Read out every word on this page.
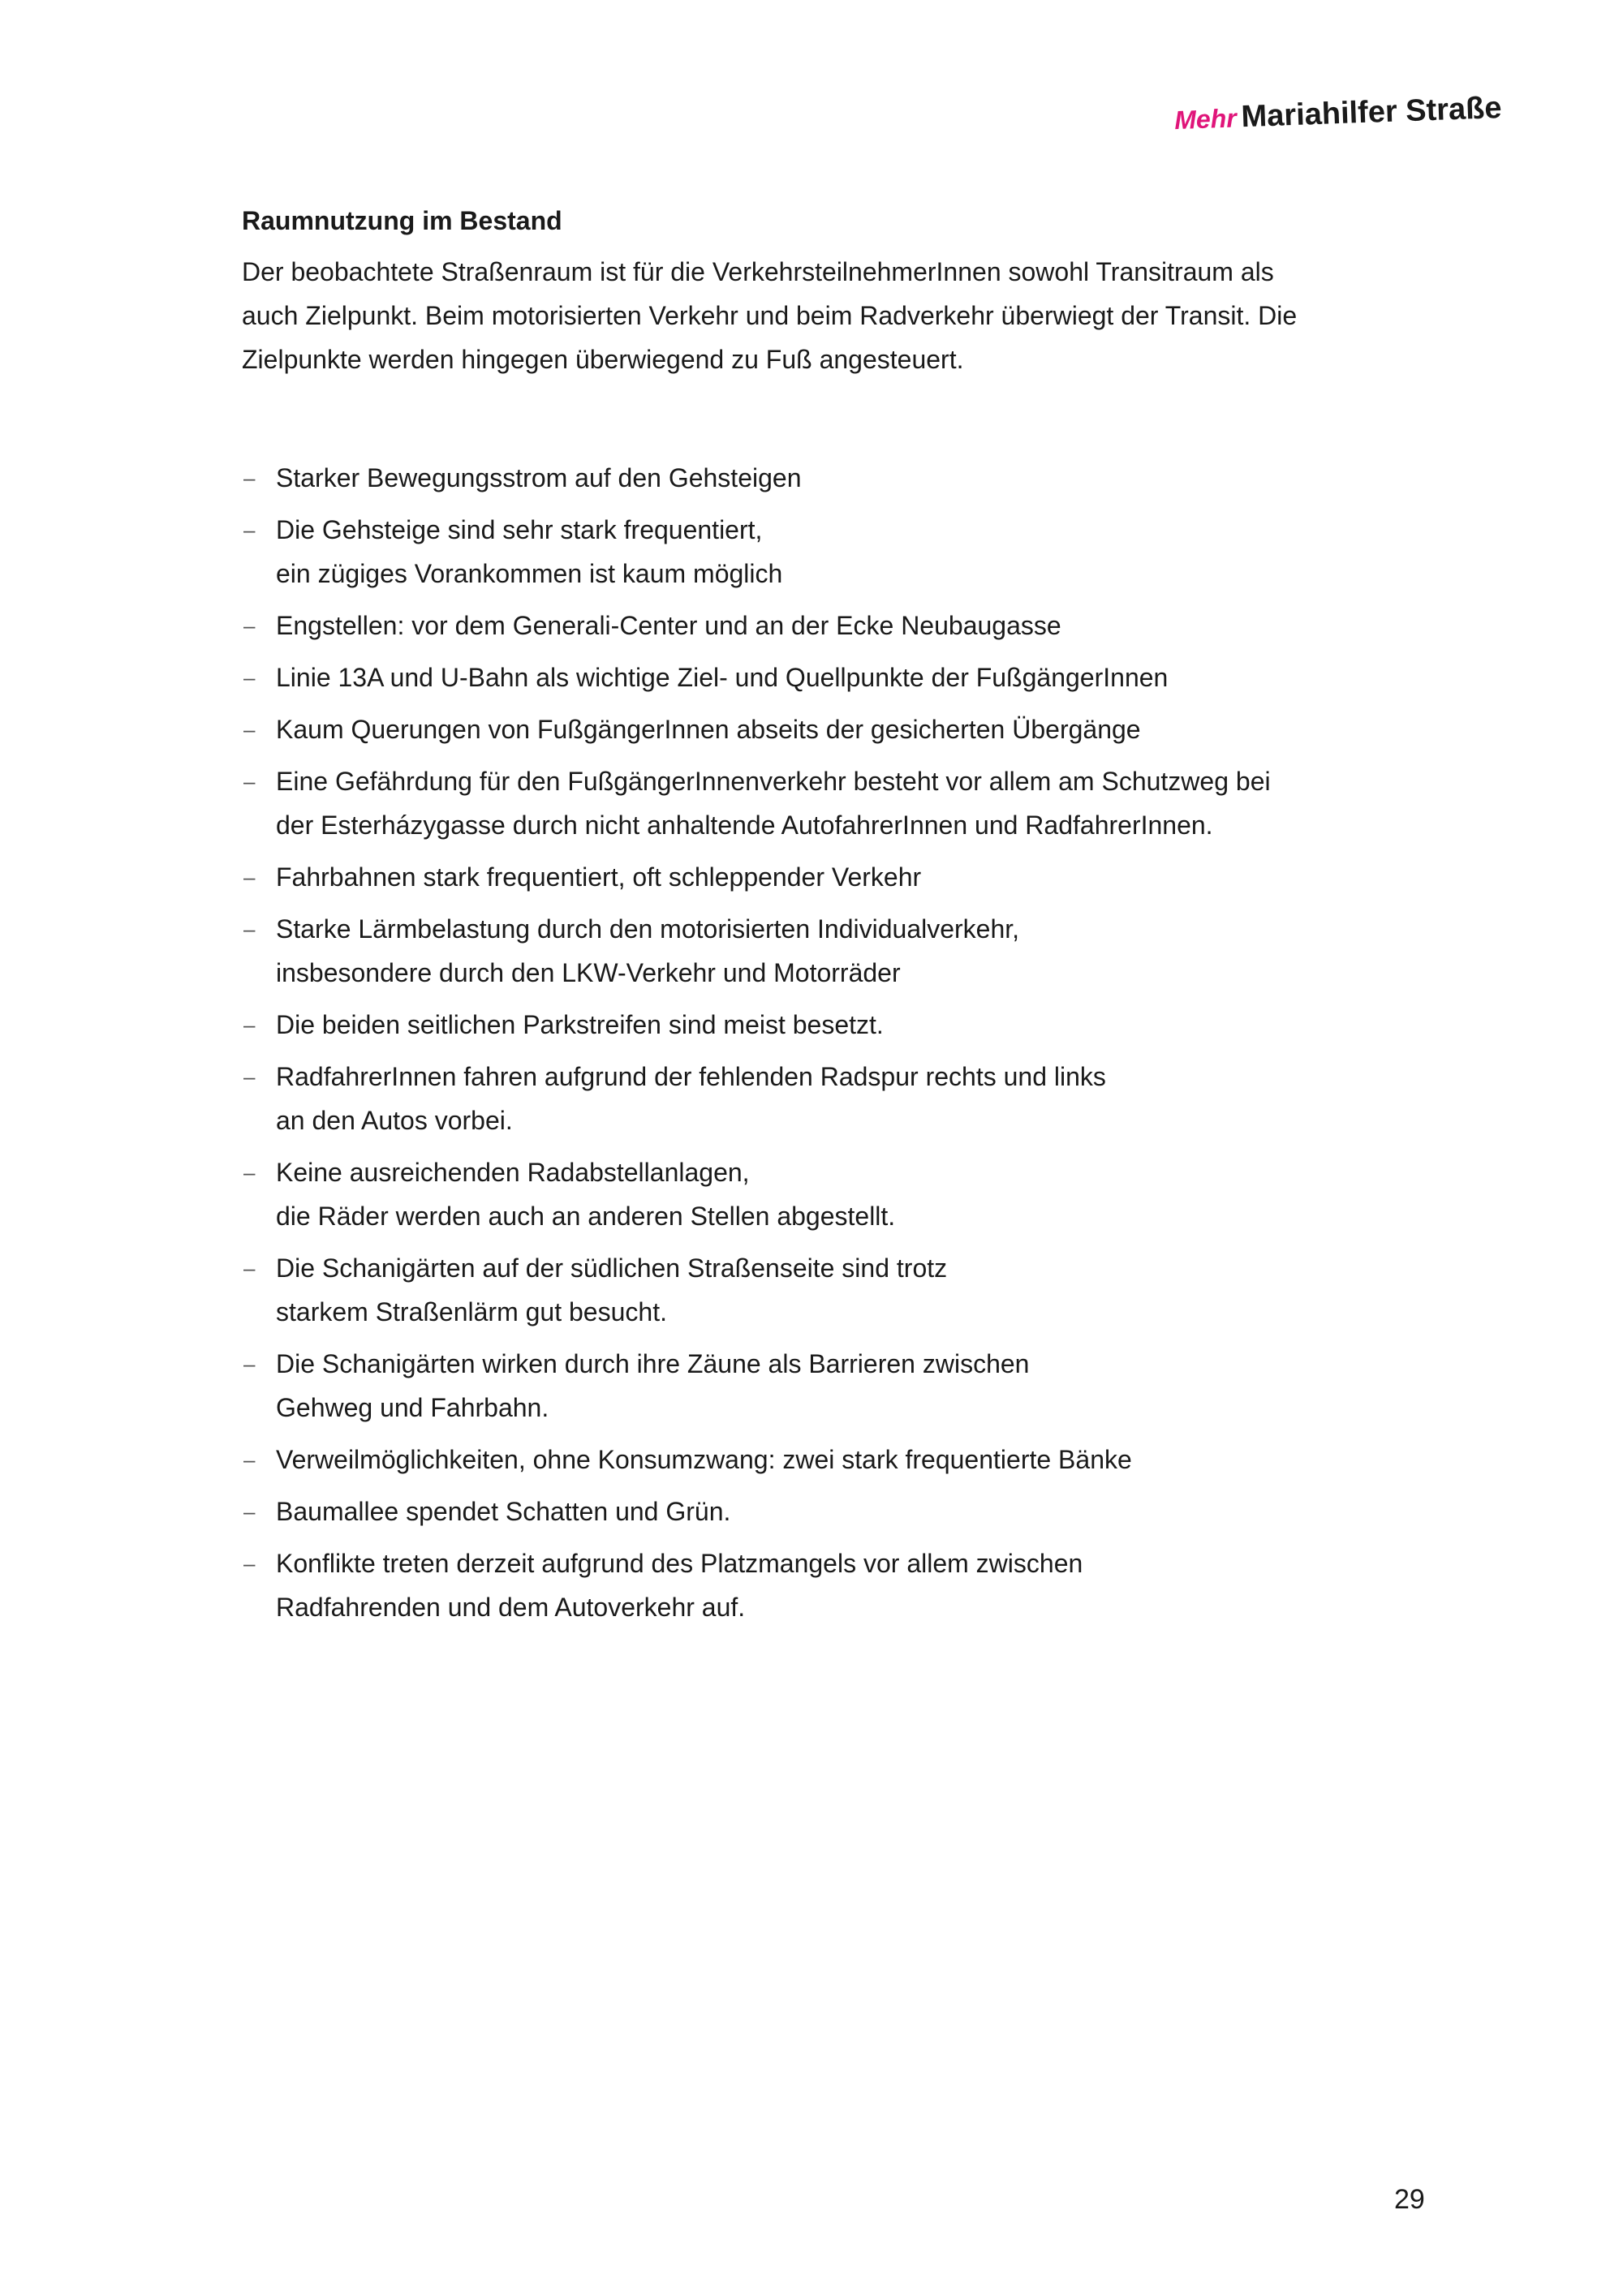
Mehr Mariahilfer Straße
Raumnutzung im Bestand

Der beobachtete Straßenraum ist für die VerkehrsteilnehmerInnen sowohl Transitraum als
auch Zielpunkt. Beim motorisierten Verkehr und beim Radverkehr überwiegt der Transit. Die
Zielpunkte werden hingegen überwiegend zu Fuß angesteuert.

– Starker Bewegungsstrom auf den Gehsteigen
– Die Gehsteige sind sehr stark frequentiert,
ein zügiges Vorankommen ist kaum möglich
– Engstellen: vor dem Generali-Center und an der Ecke Neubaugasse
– Linie 13A und U-Bahn als wichtige Ziel- und Quellpunkte der FußgängerInnen
– Kaum Querungen von FußgängerInnen abseits der gesicherten Übergänge
– Eine Gefährdung für den FußgängerInnenverkehr besteht vor allem am Schutzweg bei
der Esterházygasse durch nicht anhaltende AutofahrerInnen und RadfahrerInnen.
– Fahrbahnen stark frequentiert, oft schleppender Verkehr
– Starke Lärmbelastung durch den motorisierten Individualverkehr,
insbesondere durch den LKW-Verkehr und Motorräder
– Die beiden seitlichen Parkstreifen sind meist besetzt.
– RadfahrerInnen fahren aufgrund der fehlenden Radspur rechts und links
an den Autos vorbei.
– Keine ausreichenden Radabstellanlagen,
die Räder werden auch an anderen Stellen abgestellt.
– Die Schanigärten auf der südlichen Straßenseite sind trotz
starkem Straßenlärm gut besucht.
– Die Schanigärten wirken durch ihre Zäune als Barrieren zwischen
Gehweg und Fahrbahn.
– Verweilmöglichkeiten, ohne Konsumzwang: zwei stark frequentierte Bänke
– Baumallee spendet Schatten und Grün.
– Konflikte treten derzeit aufgrund des Platzmangels vor allem zwischen
Radfahrenden und dem Autoverkehr auf.
29
